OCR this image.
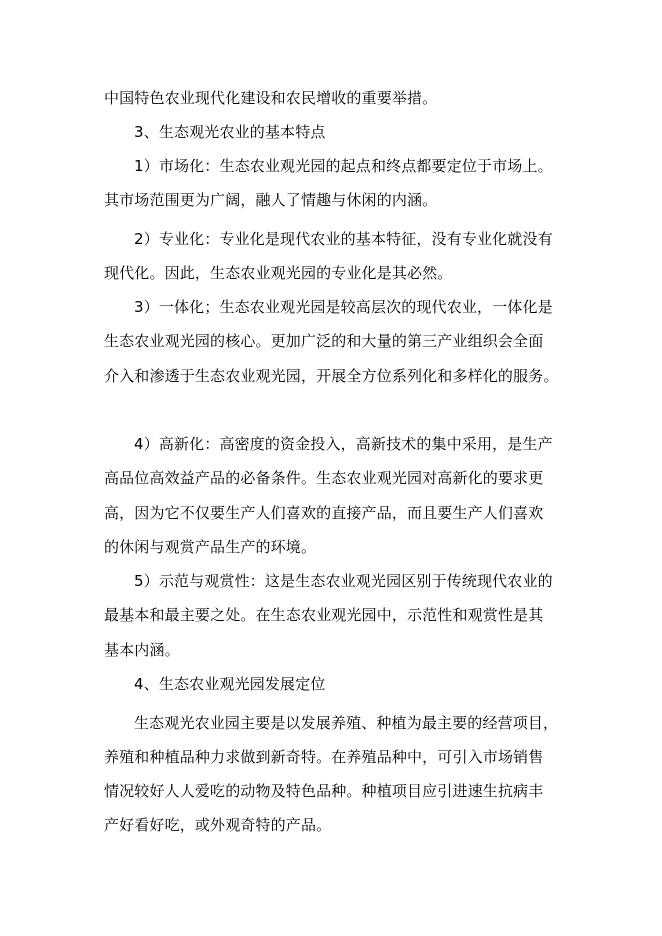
中国特色农业现代化建设和农民增收的重要举措。
3、生态观光农业的基本特点
1）市场化：生态农业观光园的起点和终点都要定位于市场上。
其市场范围更为广阔，融人了情趣与休闲的内涵。
2）专业化：专业化是现代农业的基本特征，没有专业化就没有
现代化。因此，生态农业观光园的专业化是其必然。
3）一体化；生态农业观光园是较高层次的现代农业，一体化是
生态农业观光园的核心。更加广泛的和大量的第三产业组织会全面
介入和渗透于生态农业观光园，开展全方位系列化和多样化的服务。
4）高新化：高密度的资金投入，高新技术的集中采用，是生产
高品位高效益产品的必备条件。生态农业观光园对高新化的要求更
高，因为它不仅要生产人们喜欢的直接产品，而且要生产人们喜欢
的休闲与观赏产品生产的环境。
5）示范与观赏性：这是生态农业观光园区别于传统现代农业的
最基本和最主要之处。在生态农业观光园中，示范性和观赏性是其
基本内涵。
4、生态农业观光园发展定位
生态观光农业园主要是以发展养殖、种植为最主要的经营项目，
养殖和种植品种力求做到新奇特。在养殖品种中，可引入市场销售
情况较好人人爱吃的动物及特色品种。种植项目应引进速生抗病丰
产好看好吃，或外观奇特的产品。
